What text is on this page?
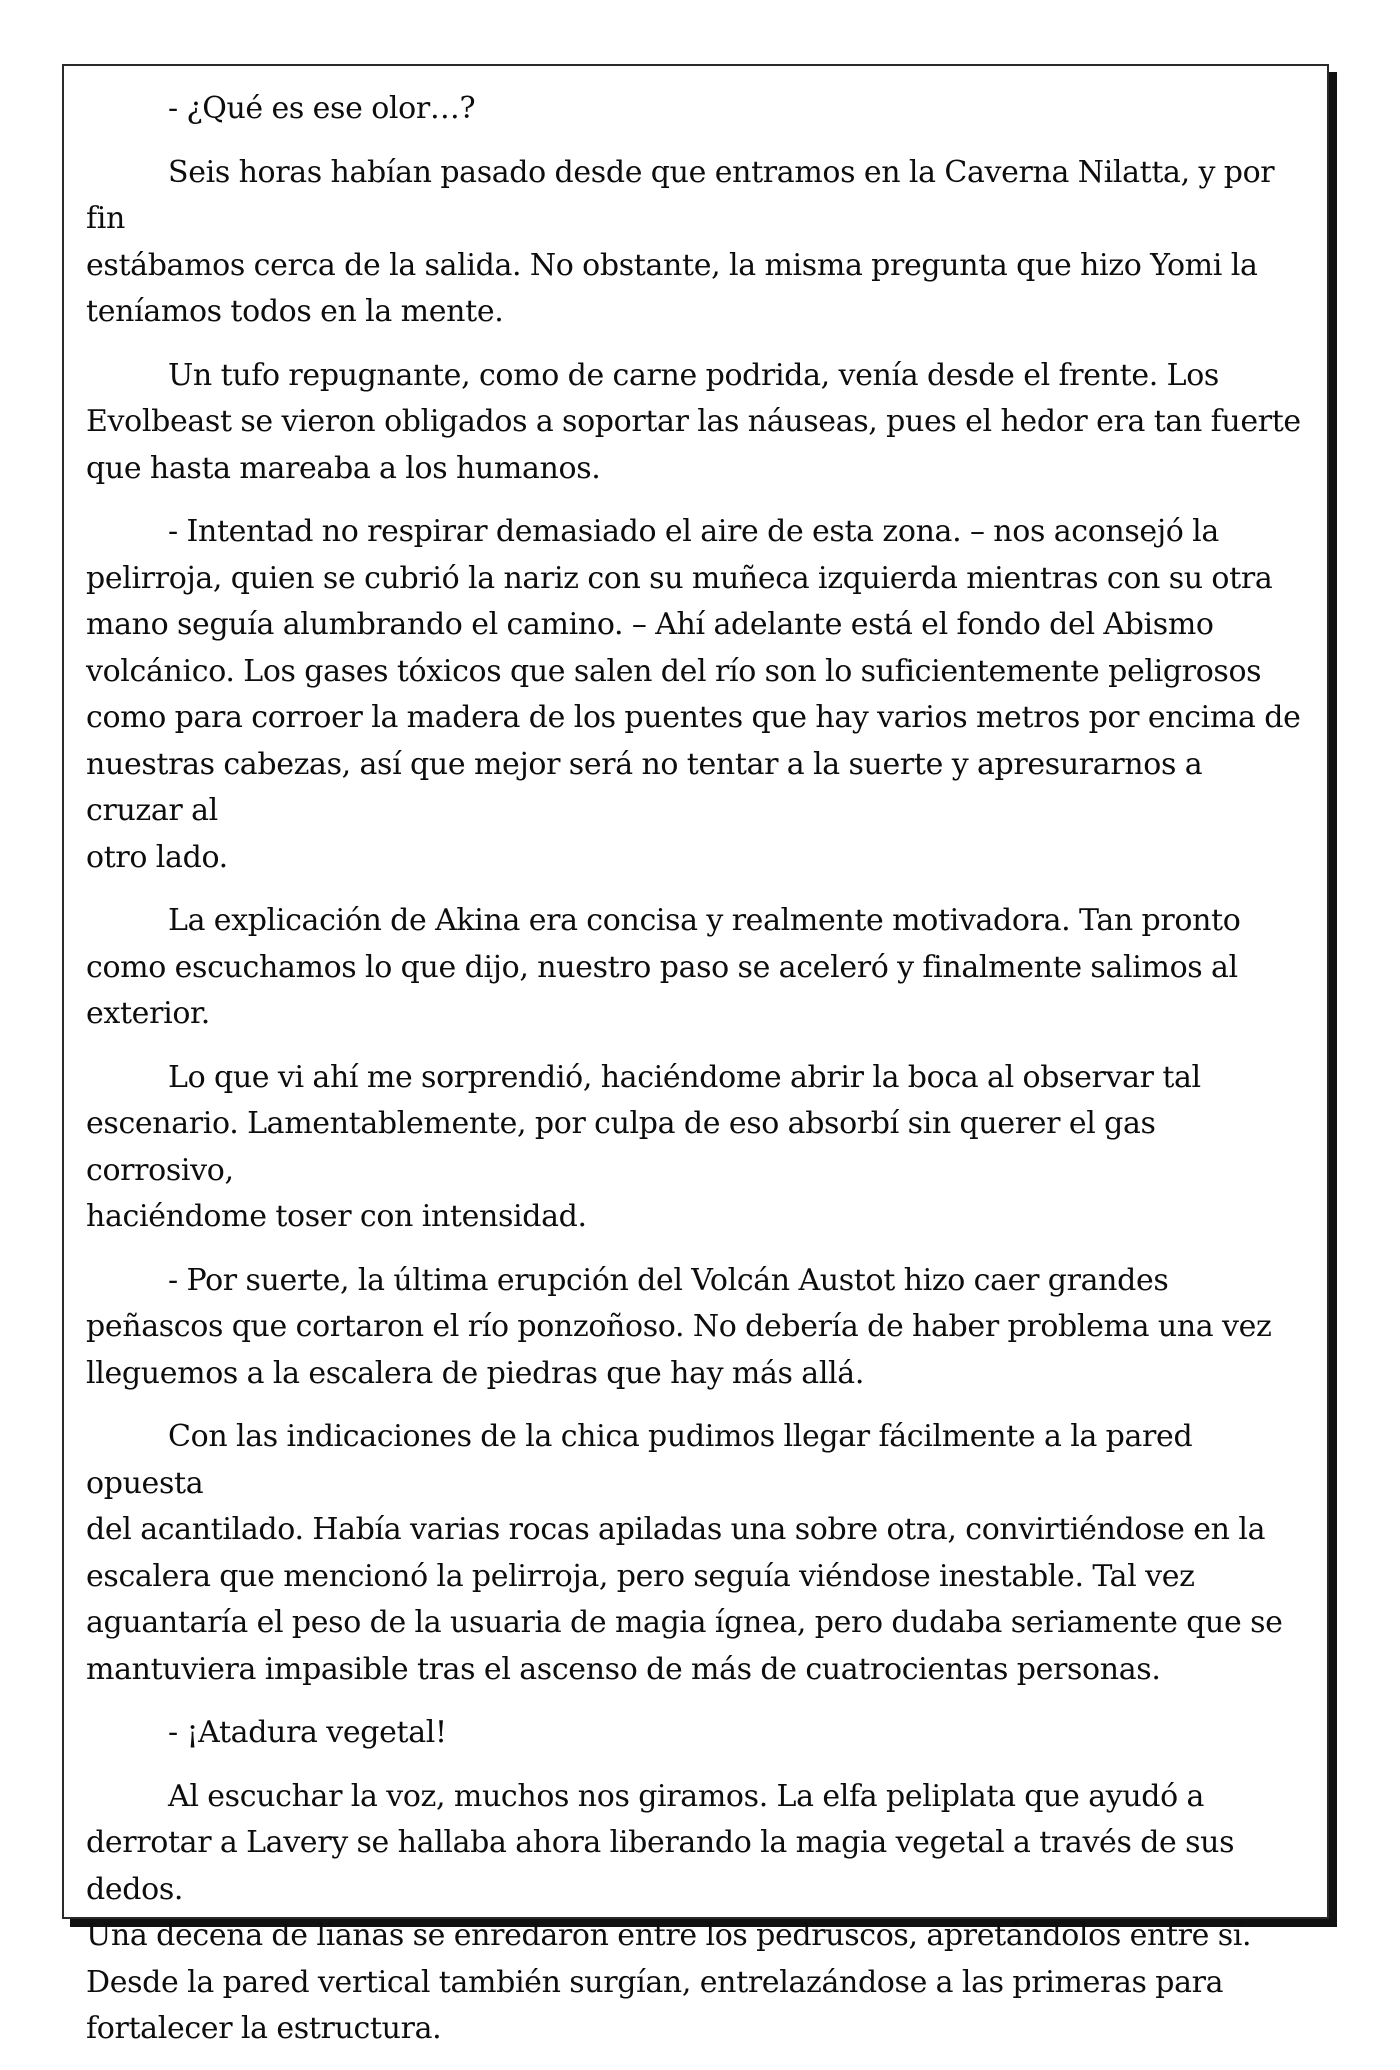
- ¿Qué es ese olor…?

Seis horas habían pasado desde que entramos en la Caverna Nilatta, y por fin
estábamos cerca de la salida. No obstante, la misma pregunta que hizo Yomi la
teníamos todos en la mente.

Un tufo repugnante, como de carne podrida, venía desde el frente. Los
Evolbeast se vieron obligados a soportar las náuseas, pues el hedor era tan fuerte
que hasta mareaba a los humanos.

- Intentad no respirar demasiado el aire de esta zona. – nos aconsejó la
pelirroja, quien se cubrió la nariz con su muñeca izquierda mientras con su otra
mano seguía alumbrando el camino. – Ahí adelante está el fondo del Abismo
volcánico. Los gases tóxicos que salen del río son lo suficientemente peligrosos
como para corroer la madera de los puentes que hay varios metros por encima de
nuestras cabezas, así que mejor será no tentar a la suerte y apresurarnos a cruzar al
otro lado.

La explicación de Akina era concisa y realmente motivadora. Tan pronto
como escuchamos lo que dijo, nuestro paso se aceleró y finalmente salimos al
exterior.

Lo que vi ahí me sorprendió, haciéndome abrir la boca al observar tal
escenario. Lamentablemente, por culpa de eso absorbí sin querer el gas corrosivo,
haciéndome toser con intensidad.

- Por suerte, la última erupción del Volcán Austot hizo caer grandes
peñascos que cortaron el río ponzoñoso. No debería de haber problema una vez
lleguemos a la escalera de piedras que hay más allá.

Con las indicaciones de la chica pudimos llegar fácilmente a la pared opuesta
del acantilado. Había varias rocas apiladas una sobre otra, convirtiéndose en la
escalera que mencionó la pelirroja, pero seguía viéndose inestable. Tal vez
aguantaría el peso de la usuaria de magia ígnea, pero dudaba seriamente que se
mantuviera impasible tras el ascenso de más de cuatrocientas personas.

- ¡Atadura vegetal!

Al escuchar la voz, muchos nos giramos. La elfa peliplata que ayudó a
derrotar a Lavery se hallaba ahora liberando la magia vegetal a través de sus dedos.
Una decena de lianas se enredaron entre los pedruscos, apretándolos entre sí.
Desde la pared vertical también surgían, entrelazándose a las primeras para
fortalecer la estructura.
